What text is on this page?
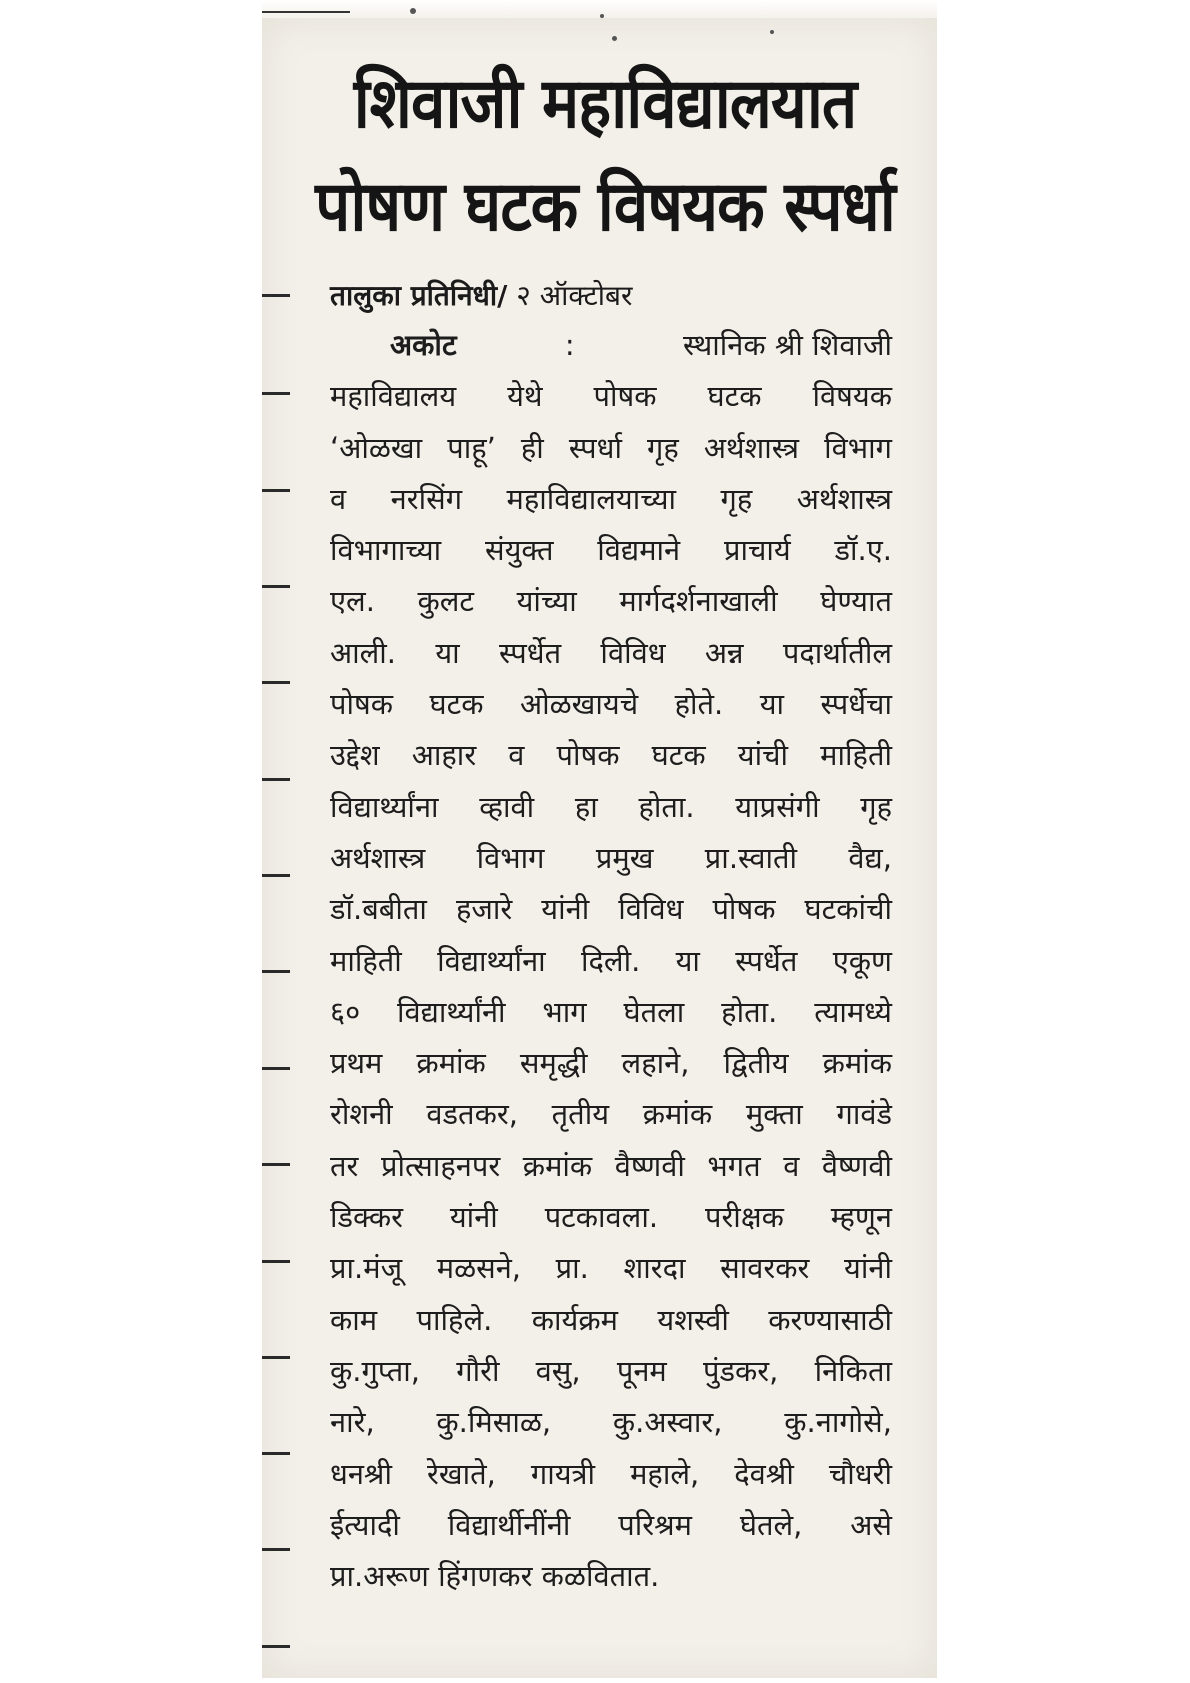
शिवाजी महाविद्यालयात
पोषण घटक विषयक स्पर्धा
तालुका प्रतिनिधी/ २ ऑक्टोबर
अकोट	:	स्थानिक श्री शिवाजी
महाविद्यालय येथे पोषक घटक विषयक
‘ओळखा पाहू’ ही स्पर्धा गृह अर्थशास्त्र विभाग
व नरसिंग महाविद्यालयाच्या गृह अर्थशास्त्र
विभागाच्या संयुक्त विद्यमाने प्राचार्य डॉ.ए.
एल. कुलट यांच्या मार्गदर्शनाखाली घेण्यात
आली. या स्पर्धेत विविध अन्न पदार्थातील
पोषक घटक ओळखायचे होते. या स्पर्धेचा
उद्देश आहार व पोषक घटक यांची माहिती
विद्यार्थ्यांना व्हावी हा होता. याप्रसंगी गृह
अर्थशास्त्र विभाग प्रमुख प्रा.स्वाती वैद्य,
डॉ.बबीता हजारे यांनी विविध पोषक घटकांची
माहिती विद्यार्थ्यांना दिली. या स्पर्धेत एकूण
६० विद्यार्थ्यांनी भाग घेतला होता. त्यामध्ये
प्रथम क्रमांक समृद्धी लहाने, द्वितीय क्रमांक
रोशनी वडतकर, तृतीय क्रमांक मुक्ता गावंडे
तर प्रोत्साहनपर क्रमांक वैष्णवी भगत व वैष्णवी
डिक्कर यांनी पटकावला. परीक्षक म्हणून
प्रा.मंजू मळसने, प्रा. शारदा सावरकर यांनी
काम पाहिले. कार्यक्रम यशस्वी करण्यासाठी
कु.गुप्ता, गौरी वसु, पूनम पुंडकर, निकिता
नारे, कु.मिसाळ, कु.अस्वार, कु.नागोसे,
धनश्री रेखाते, गायत्री महाले, देवश्री चौधरी
ईत्यादी विद्यार्थीनींनी परिश्रम घेतले, असे
प्रा.अरूण हिंगणकर कळवितात.
